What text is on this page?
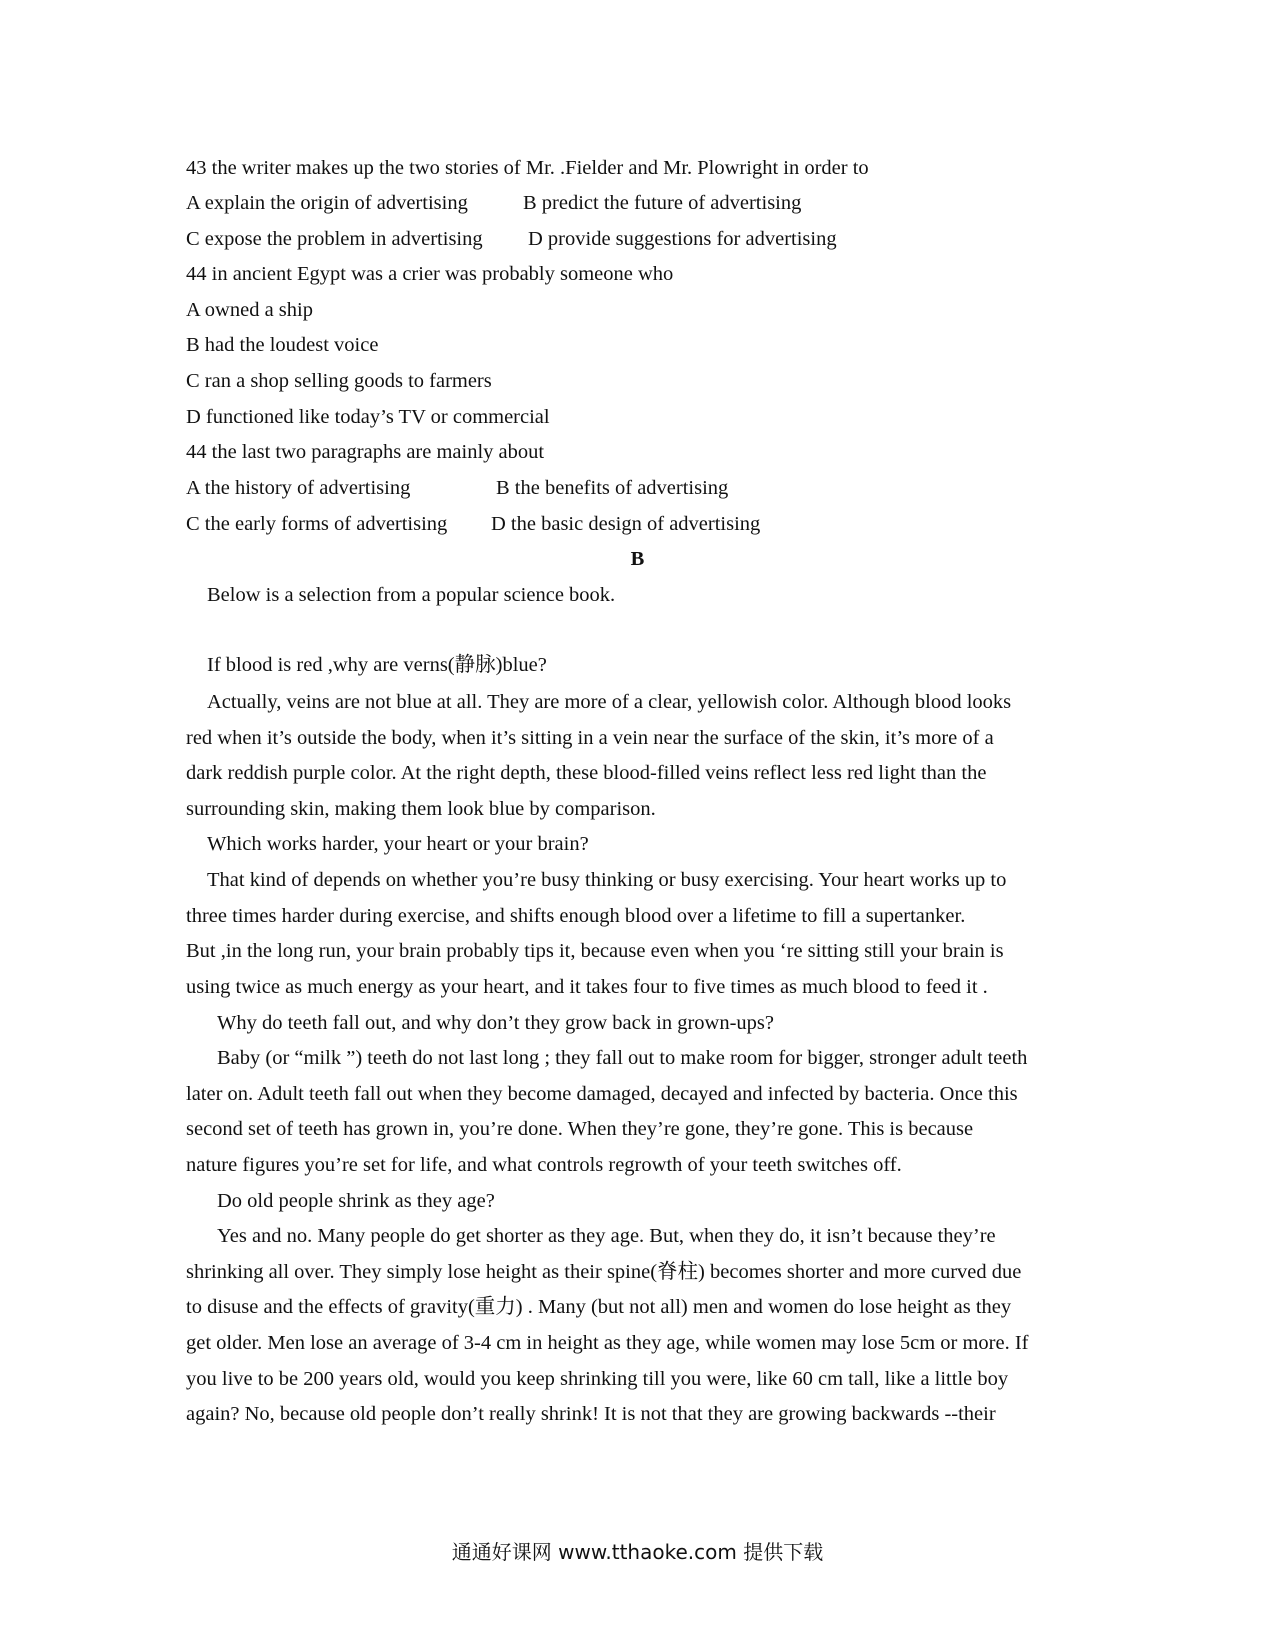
43 the writer makes up the two stories of Mr. .Fielder and Mr. Plowright in order to
A explain the origin of advertising	B predict the future of advertising
C expose the problem in advertising D provide suggestions for advertising
44 in ancient Egypt was a crier was probably someone who
A owned a ship
B had the loudest voice
C ran a shop selling goods to farmers
D functioned like today’s TV or commercial
44 the last two paragraphs are mainly about
A the history of advertising	B the benefits of advertising
C the early forms of advertising D the basic design of advertising
B
Below is a selection from a popular science book.
If blood is red ,why are verns(静脉)blue?
Actually, veins are not blue at all. They are more of a clear, yellowish color. Although blood looks
red when it’s outside the body, when it’s sitting in a vein near the surface of the skin, it’s more of a
dark reddish purple color. At the right depth, these blood-filled veins reflect less red light than the
surrounding skin, making them look blue by comparison.
Which works harder, your heart or your brain?
That kind of depends on whether you’re busy thinking or busy exercising. Your heart works up to
three times harder during exercise, and shifts enough blood over a lifetime to fill a supertanker.
But ,in the long run, your brain probably tips it, because even when you ‘re sitting still your brain is
using twice as much energy as your heart, and it takes four to five times as much blood to feed it .
Why do teeth fall out, and why don’t they grow back in grown-ups?
Baby (or “milk ”) teeth do not last long ; they fall out to make room for bigger, stronger adult teeth
later on. Adult teeth fall out when they become damaged, decayed and infected by bacteria. Once this
second set of teeth has grown in, you’re done. When they’re gone, they’re gone. This is because
nature figures you’re set for life, and what controls regrowth of your teeth switches off.
Do old people shrink as they age?
Yes and no. Many people do get shorter as they age. But, when they do, it isn’t because they’re
shrinking all over. They simply lose height as their spine(脊柱) becomes shorter and more curved due
to disuse and the effects of gravity(重力) . Many (but not all) men and women do lose height as they
get older. Men lose an average of 3-4 cm in height as they age, while women may lose 5cm or more. If
you live to be 200 years old, would you keep shrinking till you were, like 60 cm tall, like a little boy
again? No, because old people don’t really shrink! It is not that they are growing backwards --their
通通好课网 www.tthaoke.com 提供下载
